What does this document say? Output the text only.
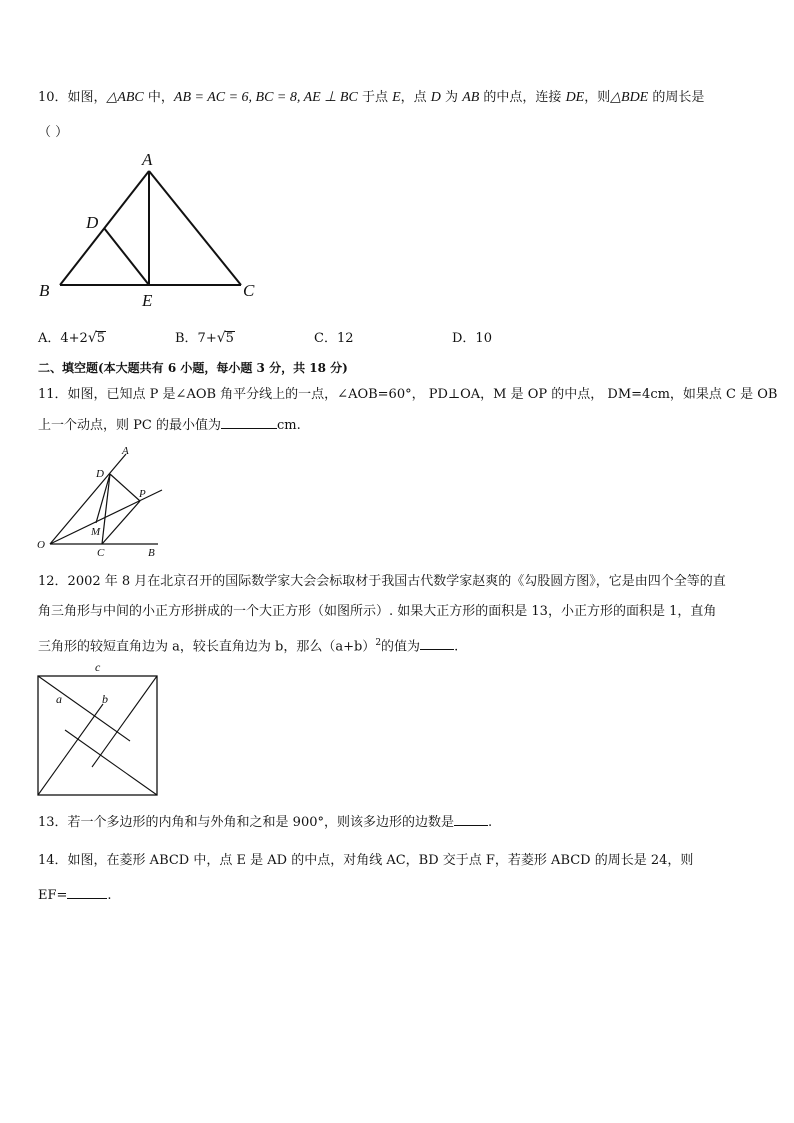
10．如图，△ABC 中，AB = AC = 6, BC = 8, AE ⊥ BC 于点 E，点 D 为 AB 的中点，连接 DE，则△BDE 的周长是
（ ）
A
B	C
D
E
A．4+2√5	B．7+√5	C．12	D．10
二、填空题(本大题共有 6 小题，每小题 3 分，共 18 分)
11．如图，已知点 P 是∠AOB 角平分线上的一点，∠AOB=60°， PD⊥OA，M 是 OP 的中点， DM=4cm，如果点 C 是 OB
上一个动点，则 PC 的最小值为	cm.
A
D
P
M
O
C	B
12．2002 年 8 月在北京召开的国际数学家大会会标取材于我国古代数学家赵爽的《勾股圆方图》，它是由四个全等的直
角三角形与中间的小正方形拼成的一个大正方形（如图所示）. 如果大正方形的面积是 13，小正方形的面积是 1，直角
三角形的较短直角边为 a，较长直角边为 b，那么$(a+b)^2$的值为	.
c
a	b
13．若一个多边形的内角和与外角和之和是 900°，则该多边形的边数是	.
14．如图，在菱形 ABCD 中，点 E 是 AD 的中点，对角线 AC，BD 交于点 F，若菱形 ABCD 的周长是 24，则
EF=	.
